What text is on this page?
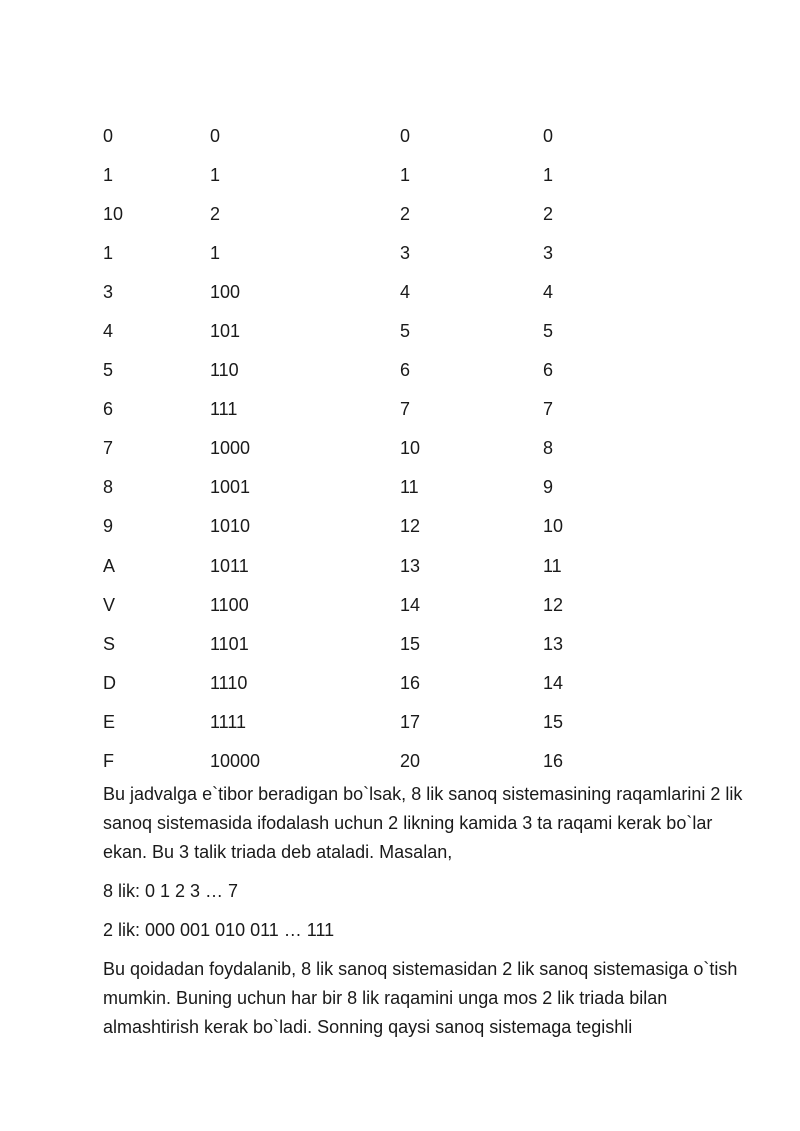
0	0	0	0
1	1	1	1
10	2	2	2
1	1	3	3
3	100	4	4
4	101	5	5
5	110	6	6
6	111	7	7
7	1000	10	8
8	1001	11	9
9	1010	12	10
A	1011	13	11
V	1100	14	12
S	1101	15	13
D	1110	16	14
E	1111	17	15
F	10000	20	16

Bu jadvalga e`tibor beradigan bo`lsak, 8 lik sanoq sistemasining raqamlarini 2 lik sanoq sistemasida ifodalash uchun 2 likning kamida 3 ta raqami kerak bo`lar ekan. Bu 3 talik triada deb ataladi. Masalan,

8 lik: 0 1 2 3 … 7

2 lik: 000 001 010 011 … 111

Bu qoidadan foydalanib, 8 lik sanoq sistemasidan 2 lik sanoq sistemasiga o`tish mumkin. Buning uchun har bir 8 lik raqamini unga mos 2 lik triada bilan almashtirish kerak bo`ladi. Sonning qaysi sanoq sistemaga tegishli
